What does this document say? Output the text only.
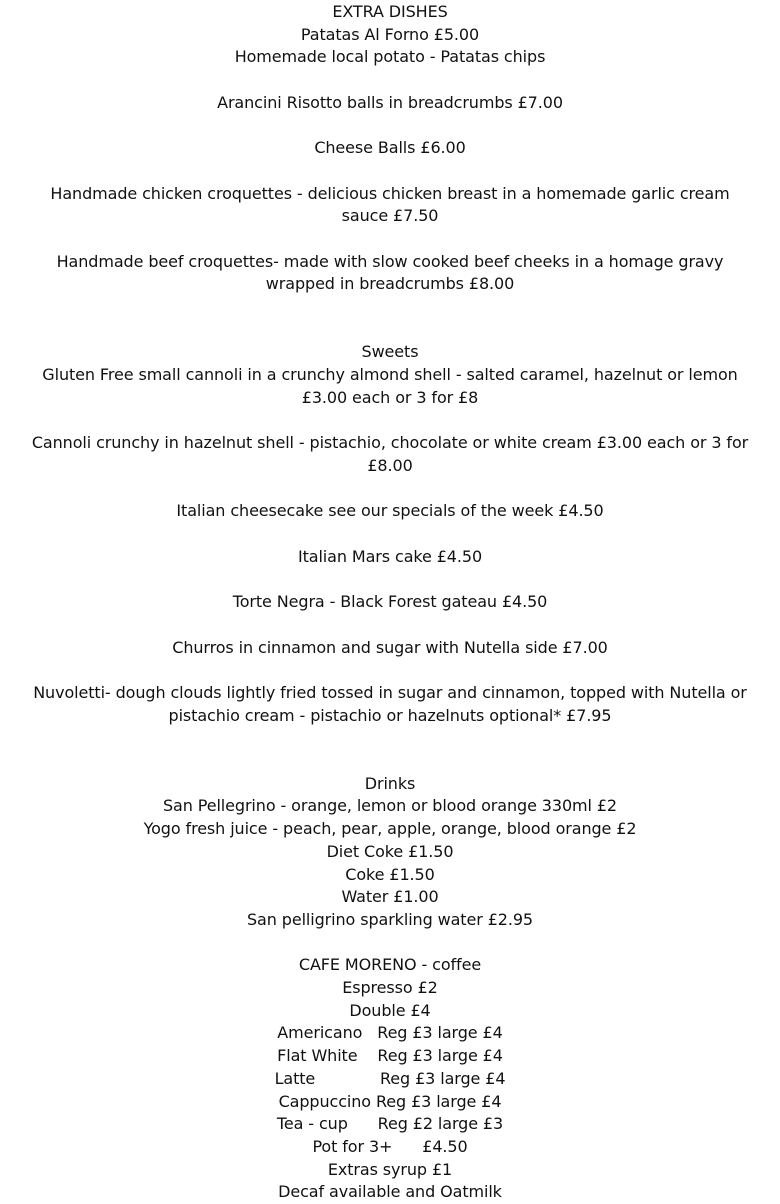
EXTRA DISHES
Patatas Al Forno £5.00
Homemade local potato - Patatas chips
Arancini Risotto balls in breadcrumbs £7.00
Cheese Balls £6.00
Handmade chicken croquettes - delicious chicken breast in a homemade garlic cream
sauce £7.50
Handmade beef croquettes- made with slow cooked beef cheeks in a homage gravy
wrapped in breadcrumbs £8.00
Sweets
Gluten Free small cannoli in a crunchy almond shell - salted caramel, hazelnut or lemon
£3.00 each or 3 for £8
Cannoli crunchy in hazelnut shell - pistachio, chocolate or white cream £3.00 each or 3 for
£8.00
Italian cheesecake see our specials of the week £4.50
Italian Mars cake £4.50
Torte Negra - Black Forest gateau £4.50
Churros in cinnamon and sugar with Nutella side £7.00
Nuvoletti- dough clouds lightly fried tossed in sugar and cinnamon, topped with Nutella or
pistachio cream - pistachio or hazelnuts optional* £7.95
Drinks
San Pellegrino - orange, lemon or blood orange 330ml £2
Yogo fresh juice - peach, pear, apple, orange, blood orange £2
Diet Coke £1.50
Coke £1.50
Water £1.00
San pelligrino sparkling water £2.95
CAFE MORENO - coffee
Espresso £2
Double £4
Americano   Reg £3 large £4
Flat White    Reg £3 large £4
Latte             Reg £3 large £4
Cappuccino Reg £3 large £4
Tea - cup      Reg £2 large £3
Pot for 3+      £4.50
Extras syrup £1
Decaf available and Oatmilk
